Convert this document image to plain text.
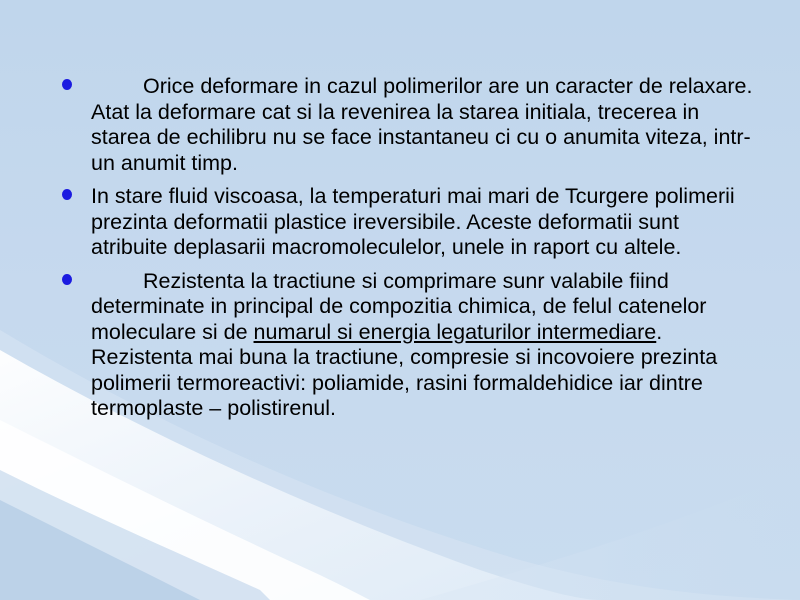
Orice deformare in cazul polimerilor are un caracter de relaxare. Atat la deformare cat si la revenirea la starea initiala, trecerea in starea de echilibru nu se face instantaneu ci cu o anumita viteza, intr-un anumit timp.
In stare fluid viscoasa, la temperaturi mai mari de Tcurgere polimerii prezinta deformatii plastice ireversibile. Aceste deformatii sunt atribuite deplasarii macromoleculelor, unele in raport cu altele.
Rezistenta la tractiune si comprimare sunr valabile fiind determinate in principal de compozitia chimica, de felul catenelor moleculare si de numarul si energia legaturilor intermediare. Rezistenta mai buna la tractiune, compresie si incovoiere prezinta polimerii termoreactivi: poliamide, rasini formaldehidice iar dintre termoplaste – polistirenul.
